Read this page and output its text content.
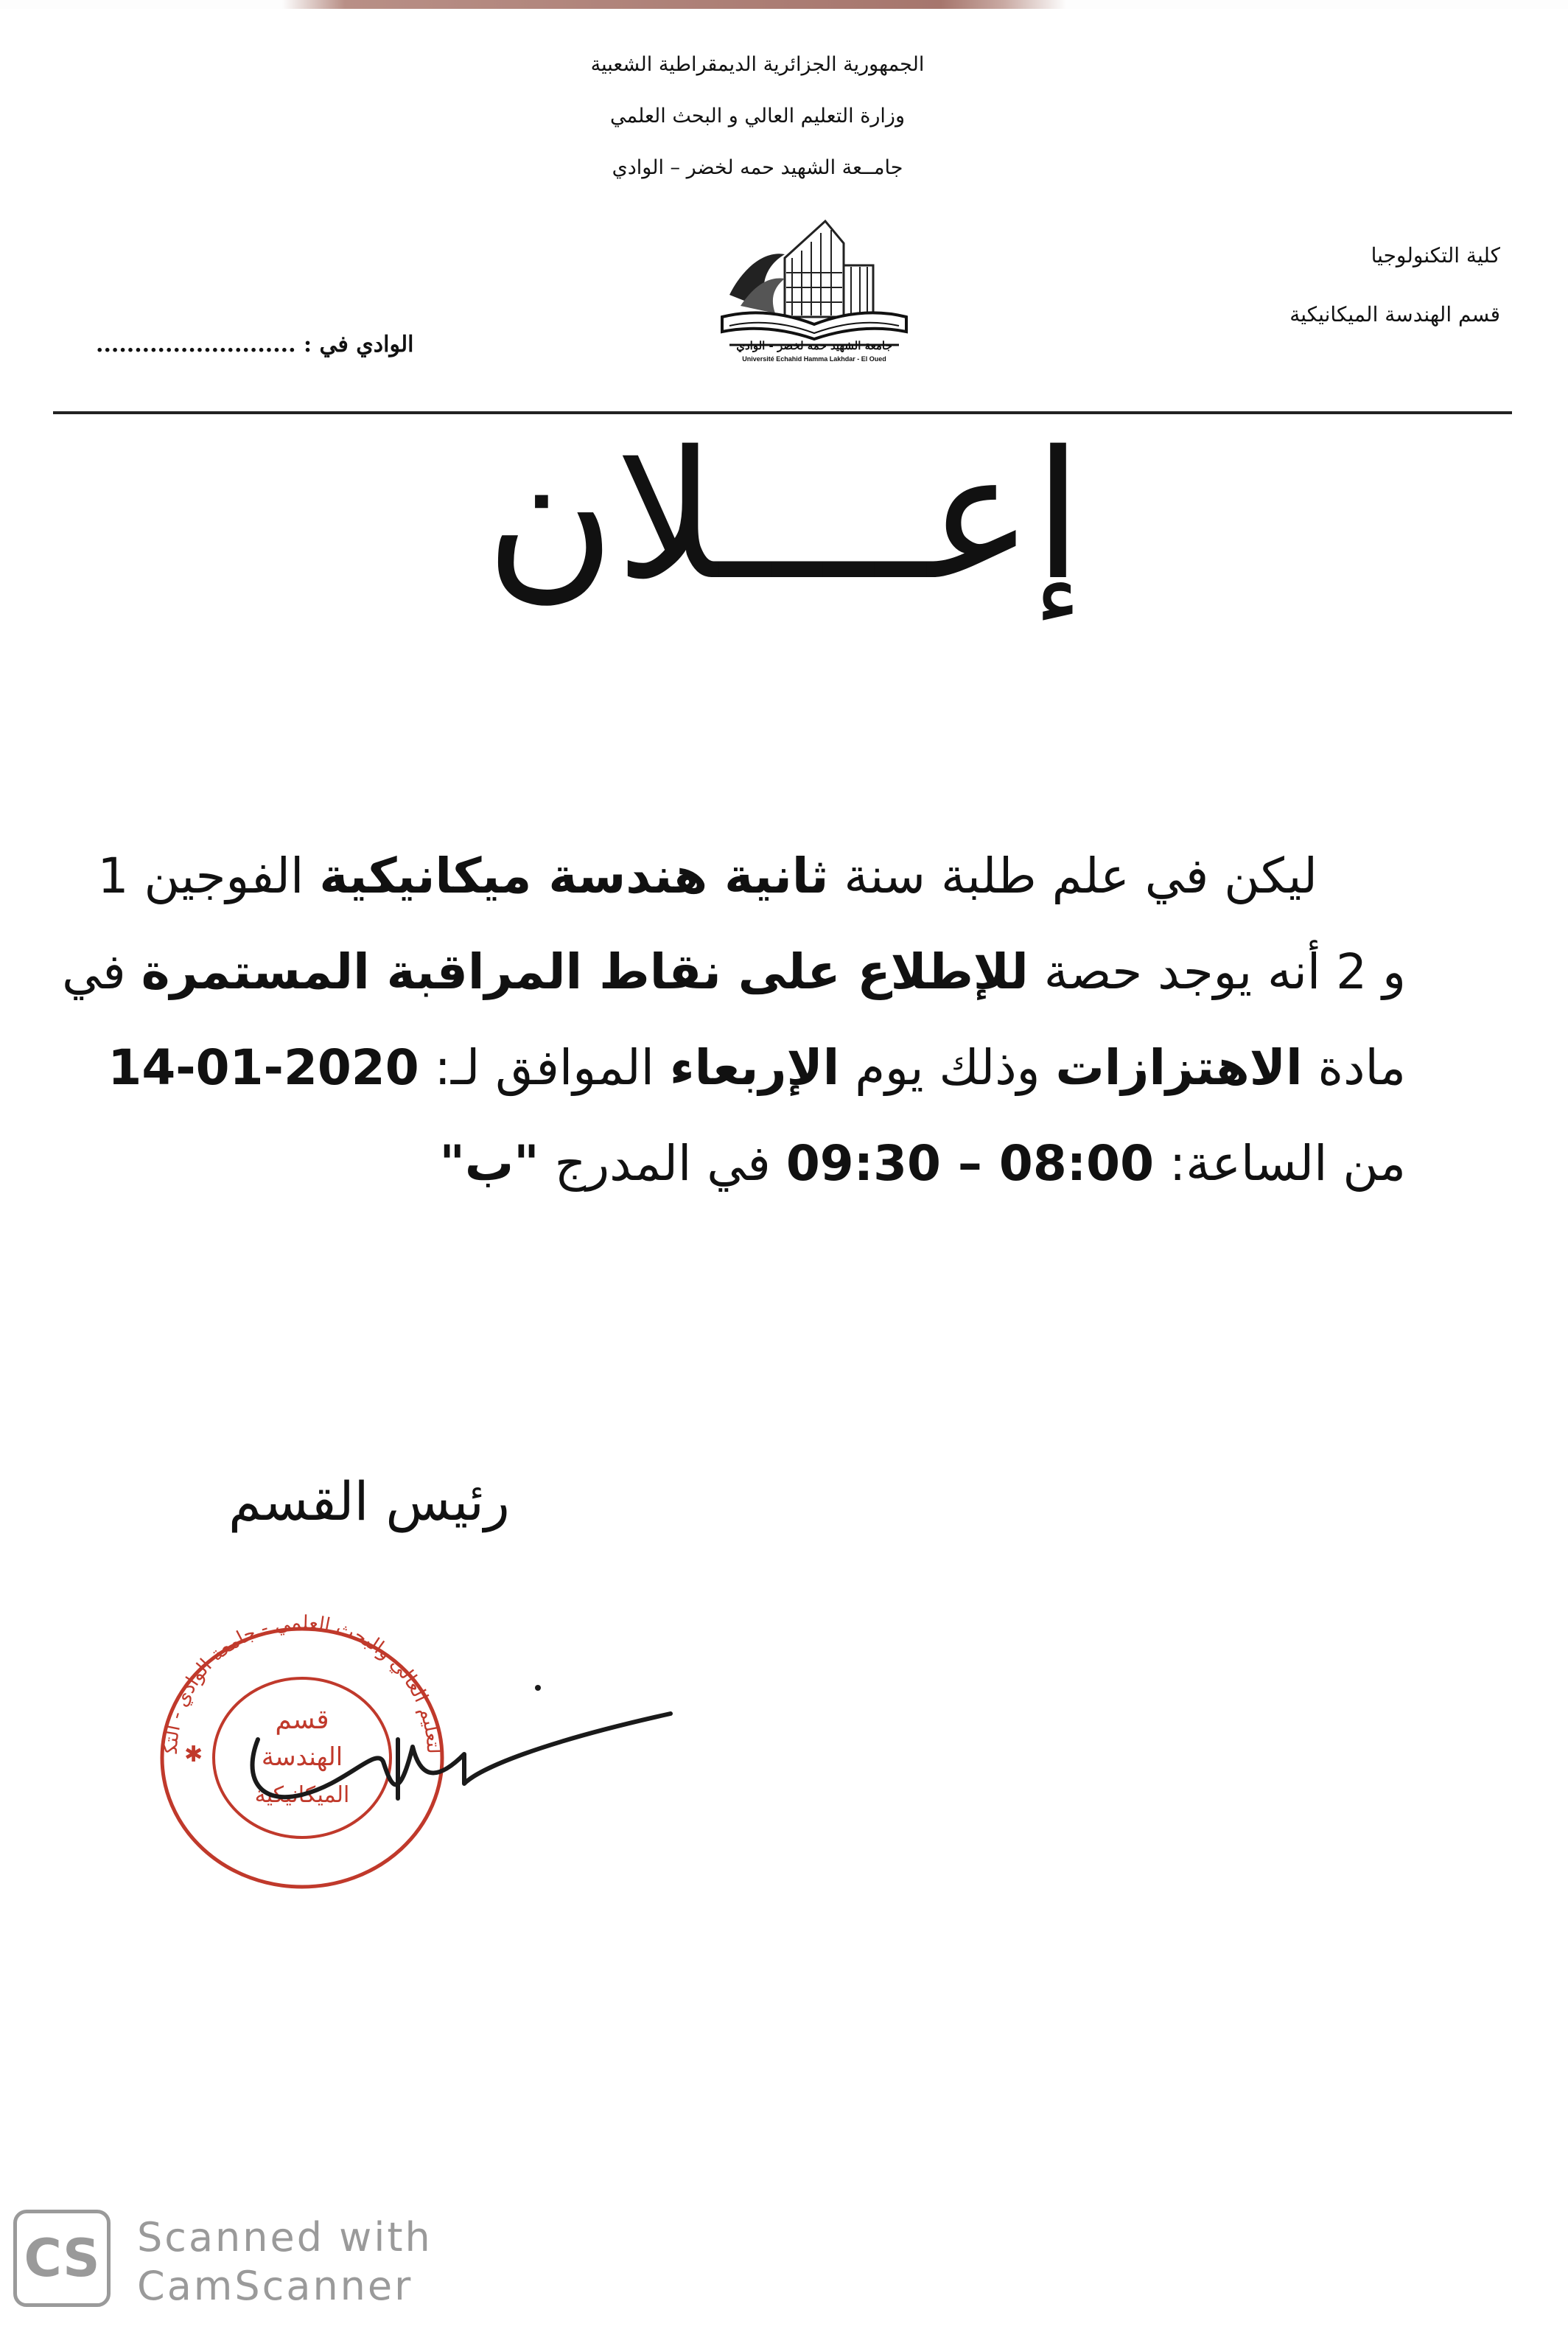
الجمهورية الجزائرية الديمقراطية الشعبية
وزارة التعليم العالي و البحث العلمي
جامــعة الشهيد حمه لخضر – الوادي
كلية التكنولوجيا
قسم الهندسة الميكانيكية
الوادي في : ..........................	جامعة الشهيد حمه لخضر - الوادي
Université Echahid Hamma Lakhdar - El Oued
إعــــلان
ليكن في علم طلبة سنة ثانية هندسة ميكانيكية الفوجين 1
و 2 أنه يوجد حصة للإطلاع على نقاط المراقبة المستمرة في
مادة الاهتزازات وذلك يوم الإربعاء الموافق لـ: 2020-01-14
من الساعة: 08:00 – 09:30 في المدرج "ب"
رئيس القسم
لتعليم العالي والبحث العلمي - جامعة الوادي - التك
قسم
الهندسة
الميكانيكية
✱
CS Scanned with
CamScanner
